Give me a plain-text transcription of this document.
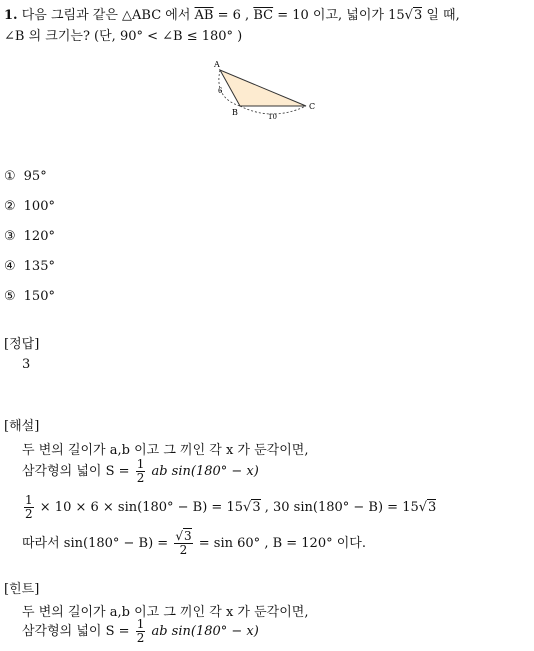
1. 다음 그림과 같은 △ABC 에서 $\overline{AB} = 6$ , $\overline{BC} = 10$ 이고, 넓이가 15√3 일 때,
∠B 의 크기는? (단, 90° < ∠B ≤ 180° )
A
B
C
6
10
① 95°
② 100°
③ 120°
④ 135°
⑤ 150°
[정답]
3
[해설]
두 변의 길이가 a,b 이고 그 끼인 각 x 가 둔각이면,
삼각형의 넓이 $S = \frac{1}{2}$ ab sin(180° − x)
$\frac{1}{2} \times 10 \times 6 \times \sin(180^\circ - B) = 15√3$ , 30 sin(180° − B) = 15√3
따라서 $\sin(180^\circ - B) = \frac{√3}{2} = \sin 60^\circ$ , B = 120° 이다.
[힌트]
두 변의 길이가 a,b 이고 그 끼인 각 x 가 둔각이면,
삼각형의 넓이 $S = \frac{1}{2}$ ab sin(180° − x)
